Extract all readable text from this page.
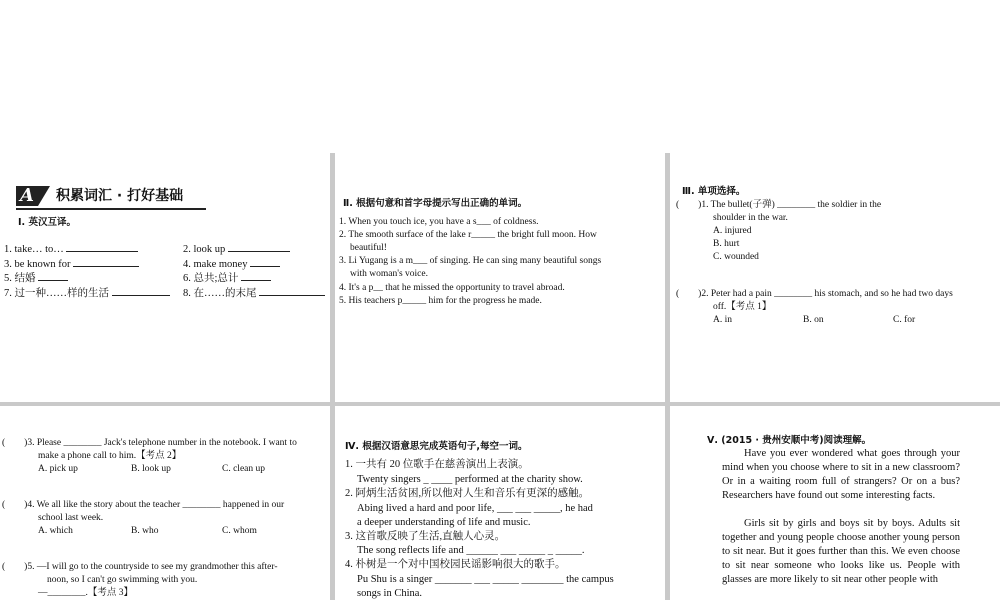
A 积累词汇 · 打好基础
Ⅰ. 英汉互译。
1. take… to…	2. look up
3. be known for	4. make money
5. 结婚	6. 总共;总计
7. 过一种……样的生活	8. 在……的末尾
Ⅱ. 根据句意和首字母提示写出正确的单词。
1. When you touch ice, you have a s___ of coldness.
2. The smooth surface of the lake r_____ the bright full moon. How
beautiful!
3. Li Yugang is a m___ of singing. He can sing many beautiful songs
with woman's voice.
4. It's a p__ that he missed the opportunity to travel abroad.
5. His teachers p_____ him for the progress he made.
Ⅲ. 单项选择。
(　　)1. The bullet(子弹) ________ the soldier in the
shoulder in the war.
A. injured
B. hurt
C. wounded
(　　)2. Peter had a pain ________ his stomach, and so he had two days
off.【考点 1】
A. in	B. on	C. for
(　　)3. Please ________ Jack's telephone number in the notebook. I want to
make a phone call to him.【考点 2】
A. pick up	B. look up	C. clean up
(　　)4. We all like the story about the teacher ________ happened in our
school last week.
A. which	B. who	C. whom
(　　)5. —I will go to the countryside to see my grandmother this after-
noon, so I can't go swimming with you.
—________.【考点 3】
Ⅳ. 根据汉语意思完成英语句子,每空一词。
1. 一共有 20 位歌手在慈善演出上表演。
Twenty singers _ ____ performed at the charity show.
2. 阿炳生活贫困,所以他对人生和音乐有更深的感触。
Abing lived a hard and poor life, ___ ___ _____, he had
a deeper understanding of life and music.
3. 这首歌反映了生活,直触人心灵。
The song reflects life and ______ ___ _____ _ _____.
4. 朴树是一个对中国校园民谣影响很大的歌手。
Pu Shu is a singer _______ ___ _____ ________ the campus
songs in China.
Ⅴ. (2015 · 贵州安顺中考)阅读理解。
Have you ever wondered what goes through your mind when you choose where to sit in a new classroom? Or in a waiting room full of strangers? Or on a bus? Researchers have found out some interesting facts.
Girls sit by girls and boys sit by boys. Adults sit together and young people choose another young person to sit near. But it goes further than this. We even choose to sit near someone who looks like us. People with glasses are more likely to sit near other people with
